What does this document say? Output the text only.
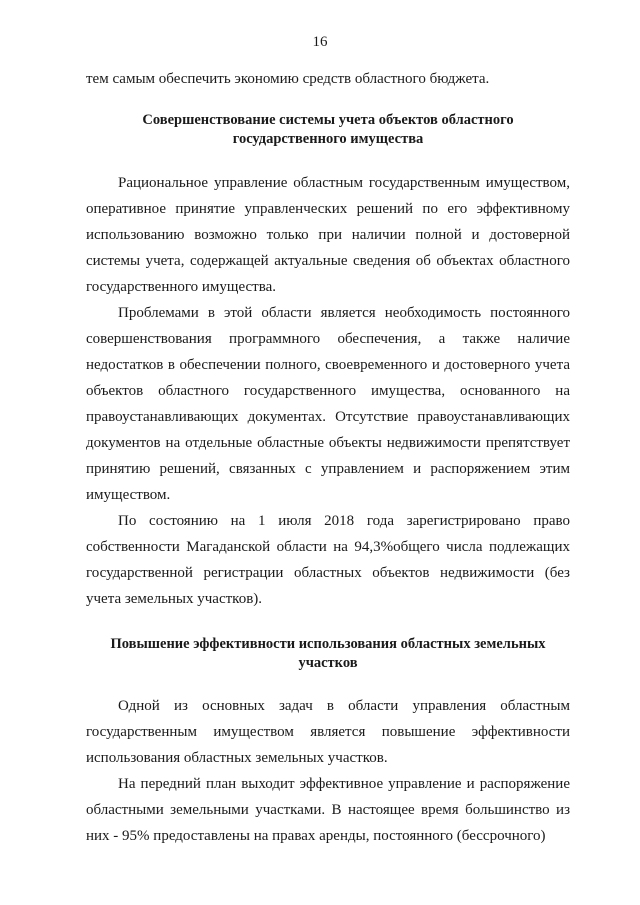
16

тем самым обеспечить экономию средств областного бюджета.

Совершенствование системы учета объектов областного государственного имущества

Рациональное управление областным государственным имуществом, оперативное принятие управленческих решений по его эффективному использованию возможно только при наличии полной и достоверной системы учета, содержащей актуальные сведения об объектах областного государственного имущества.

Проблемами в этой области является необходимость постоянного совершенствования программного обеспечения, а также наличие недостатков в обеспечении полного, своевременного и достоверного учета объектов областного государственного имущества, основанного на правоустанавливающих документах. Отсутствие правоустанавливающих документов на отдельные областные объекты недвижимости препятствует принятию решений, связанных с управлением и распоряжением этим имуществом.

По состоянию на 1 июля 2018 года зарегистрировано право собственности Магаданской области на 94,3%общего числа подлежащих государственной регистрации областных объектов недвижимости (без учета земельных участков).

Повышение эффективности использования областных земельных участков

Одной из основных задач в области управления областным государственным имуществом является повышение эффективности использования областных земельных участков.

На передний план выходит эффективное управление и распоряжение областными земельными участками. В настоящее время большинство из них - 95% предоставлены на правах аренды, постоянного (бессрочного)
